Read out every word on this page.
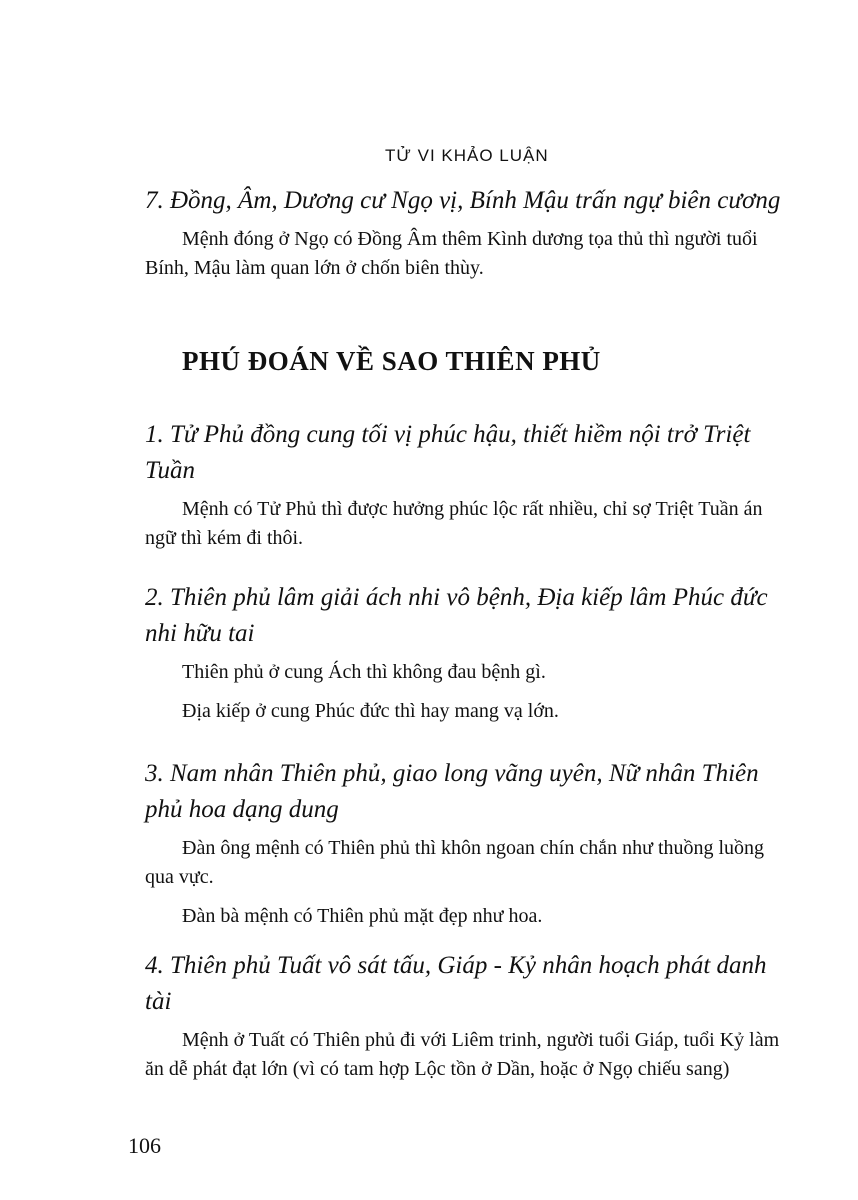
TỬ VI KHẢO LUẬN

7. Đồng, Âm, Dương cư Ngọ vị, Bính Mậu trấn ngự biên cương

Mệnh đóng ở Ngọ có Đồng Âm thêm Kình dương tọa thủ thì người tuổi Bính, Mậu làm quan lớn ở chốn biên thùy.

PHÚ ĐOÁN VỀ SAO THIÊN PHỦ

1. Tử Phủ đồng cung tối vị phúc hậu, thiết hiềm nội trở Triệt Tuần

Mệnh có Tử Phủ thì được hưởng phúc lộc rất nhiều, chỉ sợ Triệt Tuần án ngữ thì kém đi thôi.

2. Thiên phủ lâm giải ách nhi vô bệnh, Địa kiếp lâm Phúc đức nhi hữu tai

Thiên phủ ở cung Ách thì không đau bệnh gì.

Địa kiếp ở cung Phúc đức thì hay mang vạ lớn.

3. Nam nhân Thiên phủ, giao long vãng uyên, Nữ nhân Thiên phủ hoa dạng dung

Đàn ông mệnh có Thiên phủ thì khôn ngoan chín chắn như thuồng luồng qua vực.

Đàn bà mệnh có Thiên phủ mặt đẹp như hoa.

4. Thiên phủ Tuất vô sát tấu, Giáp - Kỷ nhân hoạch phát danh tài

Mệnh ở Tuất có Thiên phủ đi với Liêm trinh, người tuổi Giáp, tuổi Kỷ làm ăn dễ phát đạt lớn (vì có tam hợp Lộc tồn ở Dần, hoặc ở Ngọ chiếu sang)

106
